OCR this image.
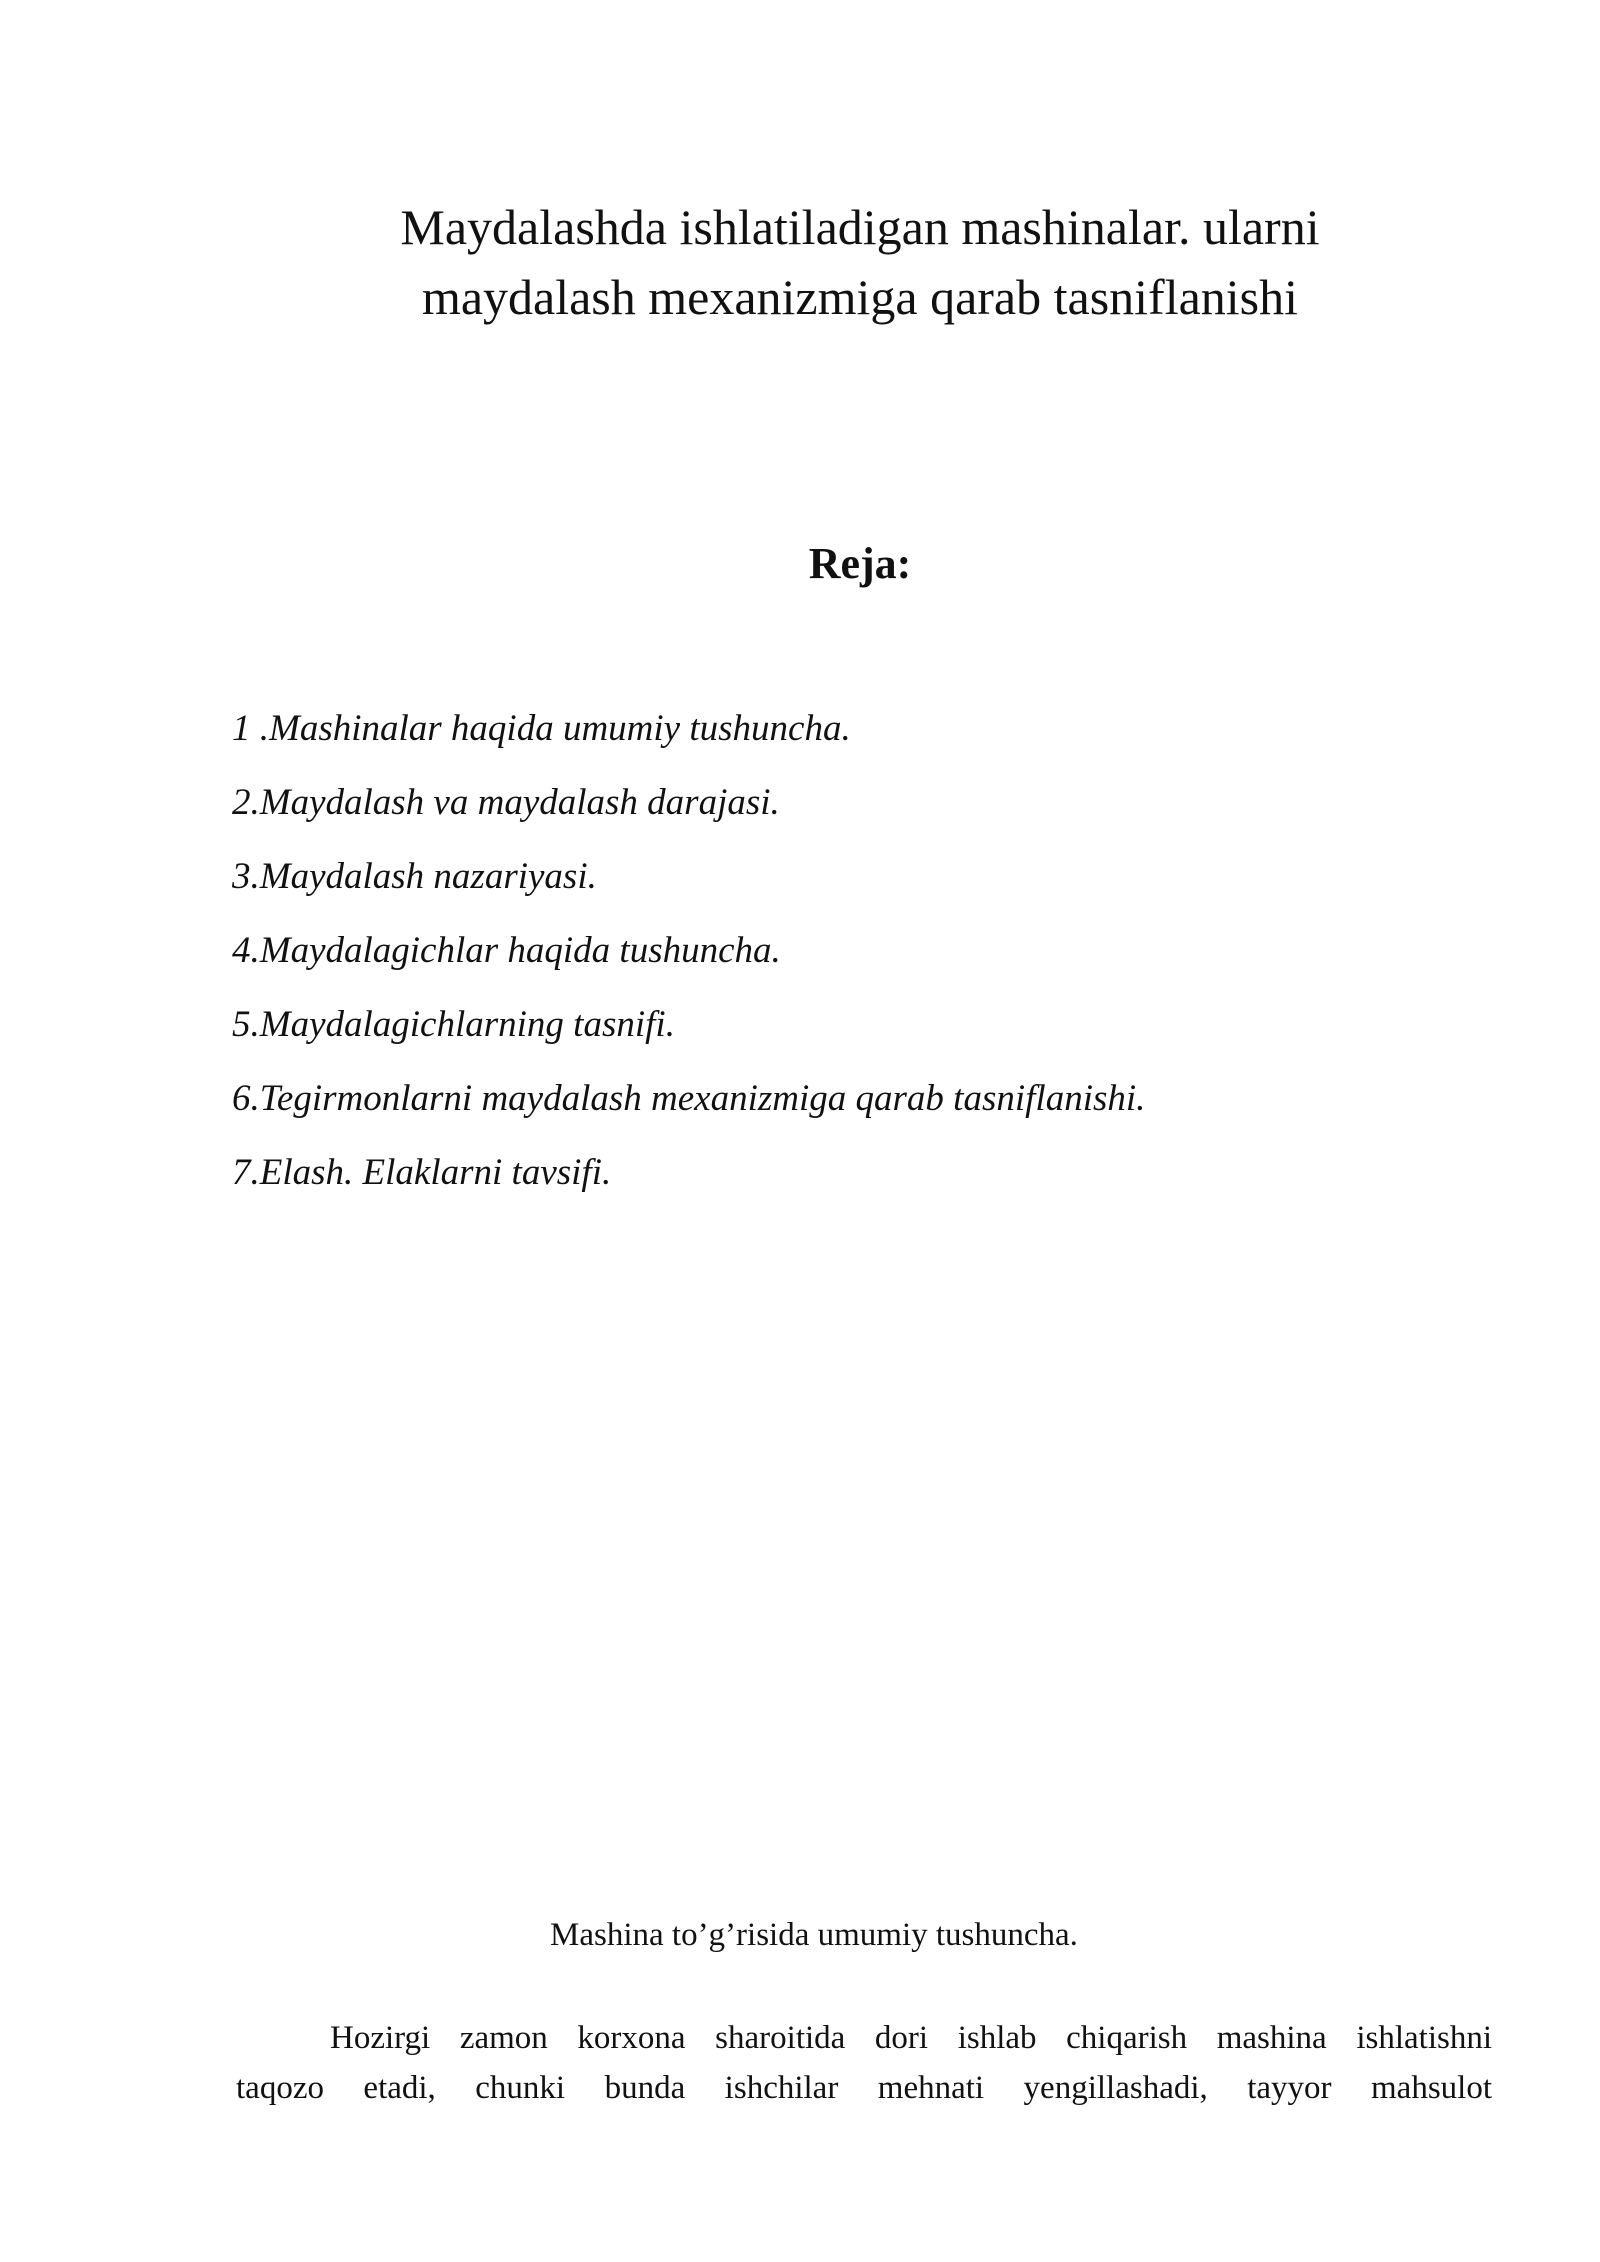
Maydalashda ishlatiladigan mashinalar. ularni
maydalash mexanizmiga qarab tasniflanishi
Reja:
1 .Mashinalar haqida umumiy tushuncha.
2.Maydalash va maydalash darajasi.
3.Maydalash nazariyasi.
4.Maydalagichlar haqida tushuncha.
5.Maydalagichlarning tasnifi.
6.Tegirmonlarni maydalash mexanizmiga qarab tasniflanishi.
7.Elash. Elaklarni tavsifi.
Mashina to’g’risida umumiy tushuncha.
Hozirgi zamon korxona sharoitida dori ishlab chiqarish mashina ishlatishni
taqozo etadi, chunki bunda ishchilar mehnati yengillashadi, tayyor mahsulot
